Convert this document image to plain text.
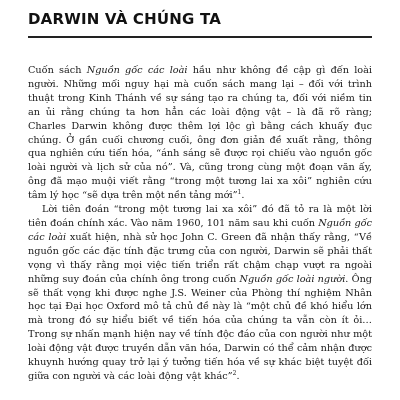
DARWIN VÀ CHÚNG TA

Cuốn sách Nguồn gốc các loài hầu như không đề cập gì đến loài người. Những mối nguy hại mà cuốn sách mang lại – đối với trình thuật trong Kinh Thánh về sự sáng tạo ra chúng ta, đối với niềm tin an ủi rằng chúng ta hơn hẳn các loài động vật – là đã rõ ràng; Charles Darwin không được thêm lợi lộc gì bằng cách khuấy đục chúng. Ở gần cuối chương cuối, ông đơn giản đề xuất rằng, thông qua nghiên cứu tiến hóa, “ánh sáng sẽ được rọi chiếu vào nguồn gốc loài người và lịch sử của nó”. Và, cũng trong cùng một đoạn văn ấy, ông đã mạo muội viết rằng “trong một tương lai xa xôi” nghiên cứu tâm lý học “sẽ dựa trên một nền tảng mới”$^1$.

Lời tiên đoán “trong một tương lai xa xôi” đó đã tỏ ra là một lời tiên đoán chính xác. Vào năm 1960, 101 năm sau khi cuốn Nguồn gốc các loài xuất hiện, nhà sử học John C. Green đã nhận thấy rằng, “Về nguồn gốc các đặc tính đặc trưng của con người, Darwin sẽ phải thất vọng vì thấy rằng mọi việc tiến triển rất chậm chạp vượt ra ngoài những suy đoán của chính ông trong cuốn Nguồn gốc loài người. Ông sẽ thất vọng khi được nghe J.S. Weiner của Phòng thí nghiệm Nhân học tại Đại học Oxford mô tả chủ đề này là “một chủ đề khó hiểu lớn mà trong đó sự hiểu biết về tiến hóa của chúng ta vẫn còn ít ỏi… Trong sự nhấn mạnh hiện nay về tính độc đáo của con người như một loài động vật được truyền dẫn văn hóa, Darwin có thể cảm nhận được khuynh hướng quay trở lại ý tưởng tiến hóa về sự khác biệt tuyệt đối giữa con người và các loài động vật khác”$^2$.
